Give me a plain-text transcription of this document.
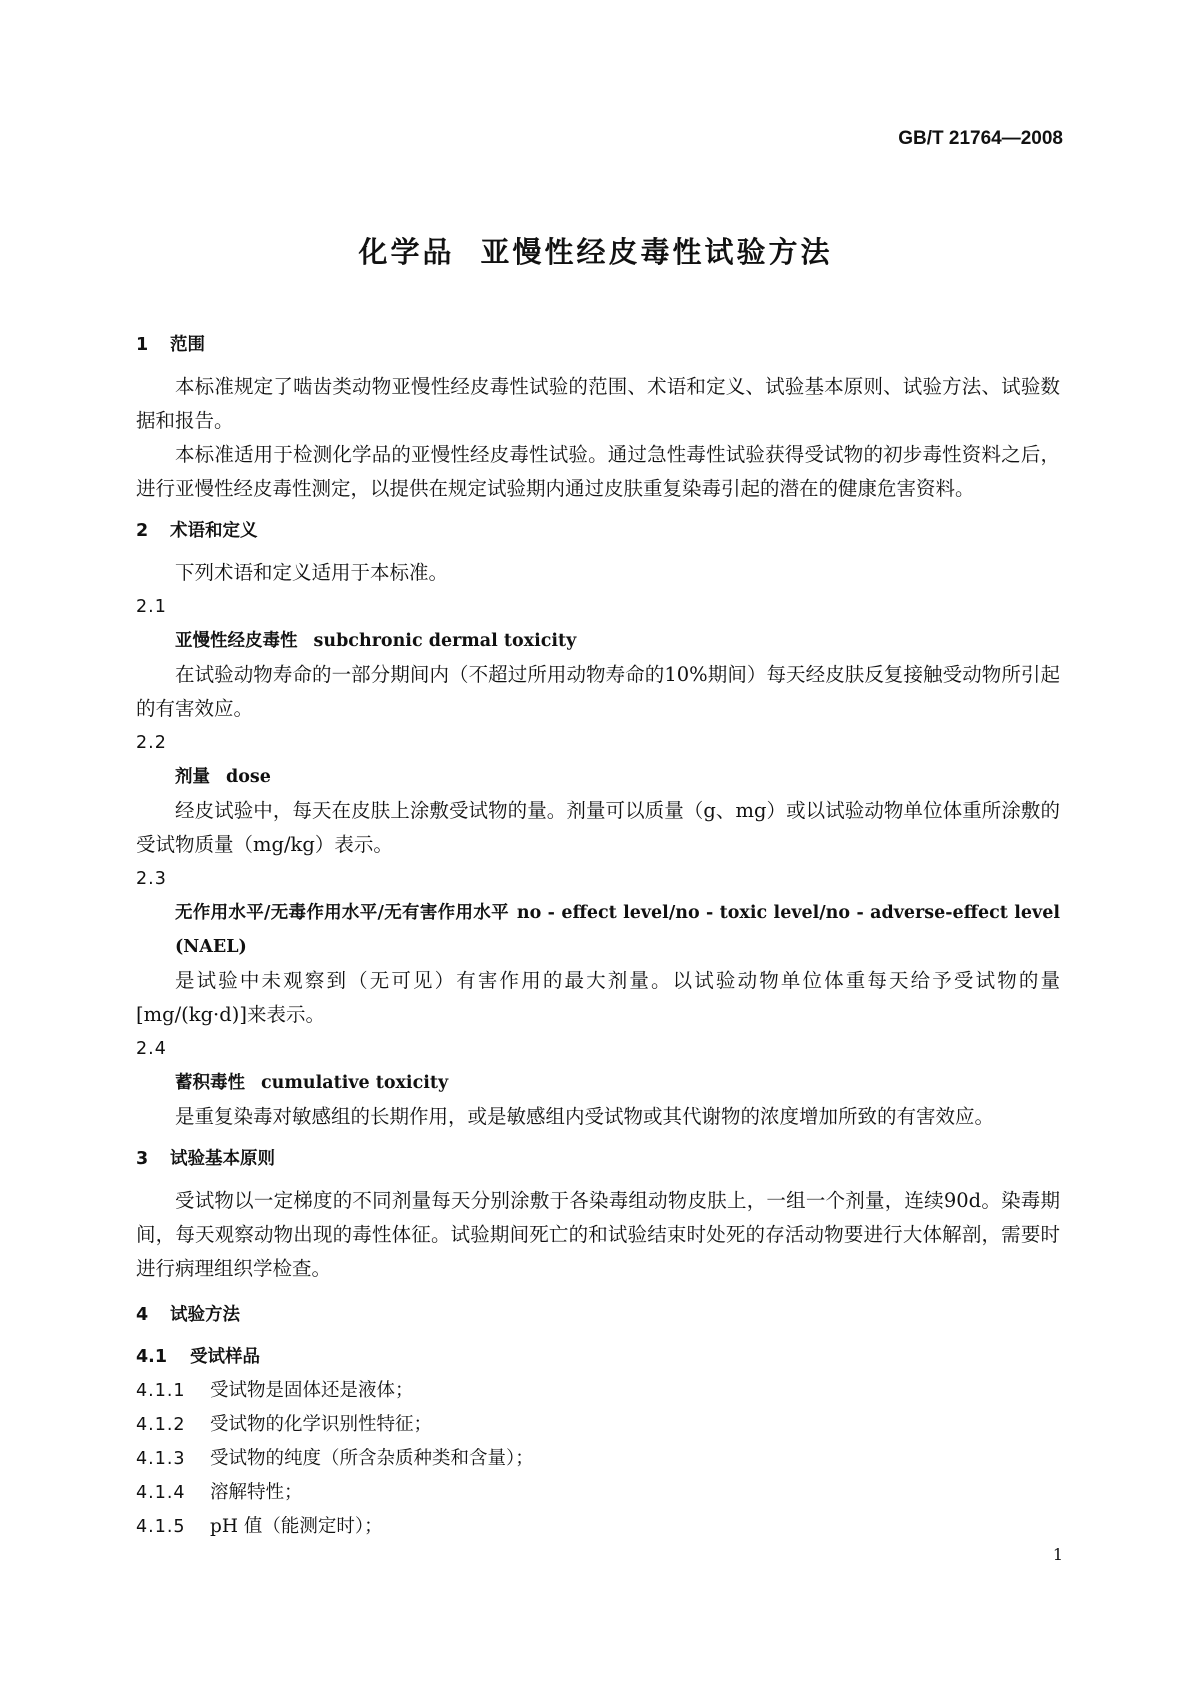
GB/T 21764—2008
化学品 亚慢性经皮毒性试验方法
1 范围

本标准规定了啮齿类动物亚慢性经皮毒性试验的范围、术语和定义、试验基本原则、试验方法、试验数据和报告。

本标准适用于检测化学品的亚慢性经皮毒性试验。通过急性毒性试验获得受试物的初步毒性资料之后，进行亚慢性经皮毒性测定，以提供在规定试验期内通过皮肤重复染毒引起的潜在的健康危害资料。

2 术语和定义

下列术语和定义适用于本标准。

2.1

亚慢性经皮毒性 subchronic dermal toxicity

在试验动物寿命的一部分期间内（不超过所用动物寿命的10%期间）每天经皮肤反复接触受动物所引起的有害效应。

2.2

剂量 dose

经皮试验中，每天在皮肤上涂敷受试物的量。剂量可以质量（g、mg）或以试验动物单位体重所涂敷的受试物质量（mg/kg）表示。

2.3

无作用水平/无毒作用水平/无有害作用水平 no - effect level/no - toxic level/no - adverse-effect level (NAEL)

是试验中未观察到（无可见）有害作用的最大剂量。以试验动物单位体重每天给予受试物的量[mg/(kg·d)]来表示。

2.4

蓄积毒性 cumulative toxicity

是重复染毒对敏感组的长期作用，或是敏感组内受试物或其代谢物的浓度增加所致的有害效应。

3 试验基本原则

受试物以一定梯度的不同剂量每天分别涂敷于各染毒组动物皮肤上，一组一个剂量，连续90d。染毒期间，每天观察动物出现的毒性体征。试验期间死亡的和试验结束时处死的存活动物要进行大体解剖，需要时进行病理组织学检查。

4 试验方法
4.1 受试样品

4.1.1 受试物是固体还是液体；

4.1.2 受试物的化学识别性特征；

4.1.3 受试物的纯度（所含杂质种类和含量）；

4.1.4 溶解特性；

4.1.5 pH 值（能测定时）；

1
